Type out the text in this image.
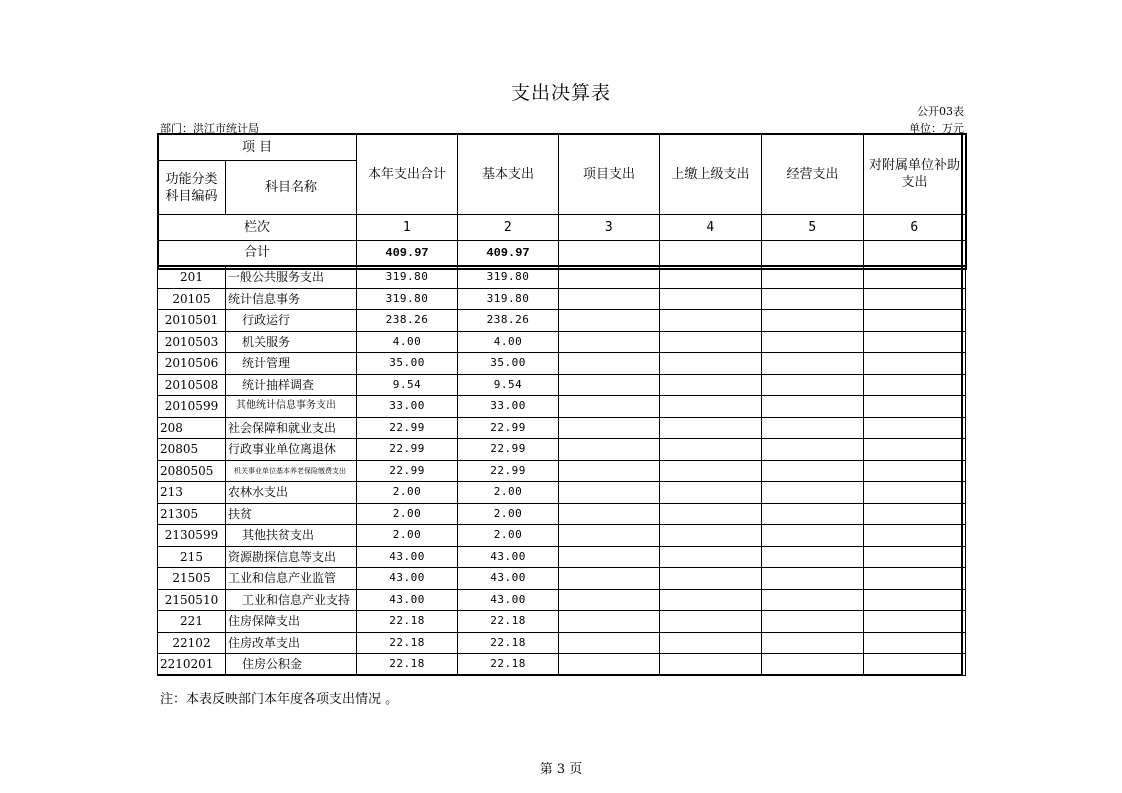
支出决算表
公开03表
部门：洪江市统计局	单位：万元
项 目		本年支出合计	基本支出	项目支出	上缴上级支出	经营支出	对附属单位补助支出
功能分类科目编码	科目名称						
栏次		1	2	3	4	5	6
合计		409.97	409.97				
201	一般公共服务支出	319.80	319.80				
20105	统计信息事务	319.80	319.80				
2010501	行政运行	238.26	238.26				
2010503	机关服务	4.00	4.00				
2010506	统计管理	35.00	35.00				
2010508	统计抽样调查	9.54	9.54				
2010599	其他统计信息事务支出	33.00	33.00				
208	社会保障和就业支出	22.99	22.99				
20805	行政事业单位离退休	22.99	22.99				
2080505	机关事业单位基本养老保险缴费支出	22.99	22.99				
213	农林水支出	2.00	2.00				
21305	扶贫	2.00	2.00				
2130599	其他扶贫支出	2.00	2.00				
215	资源勘探信息等支出	43.00	43.00				
21505	工业和信息产业监管	43.00	43.00				
2150510	工业和信息产业支持	43.00	43.00				
221	住房保障支出	22.18	22.18				
22102	住房改革支出	22.18	22.18				
2210201	住房公积金	22.18	22.18				
注：本表反映部门本年度各项支出情况 。
第 3 页
